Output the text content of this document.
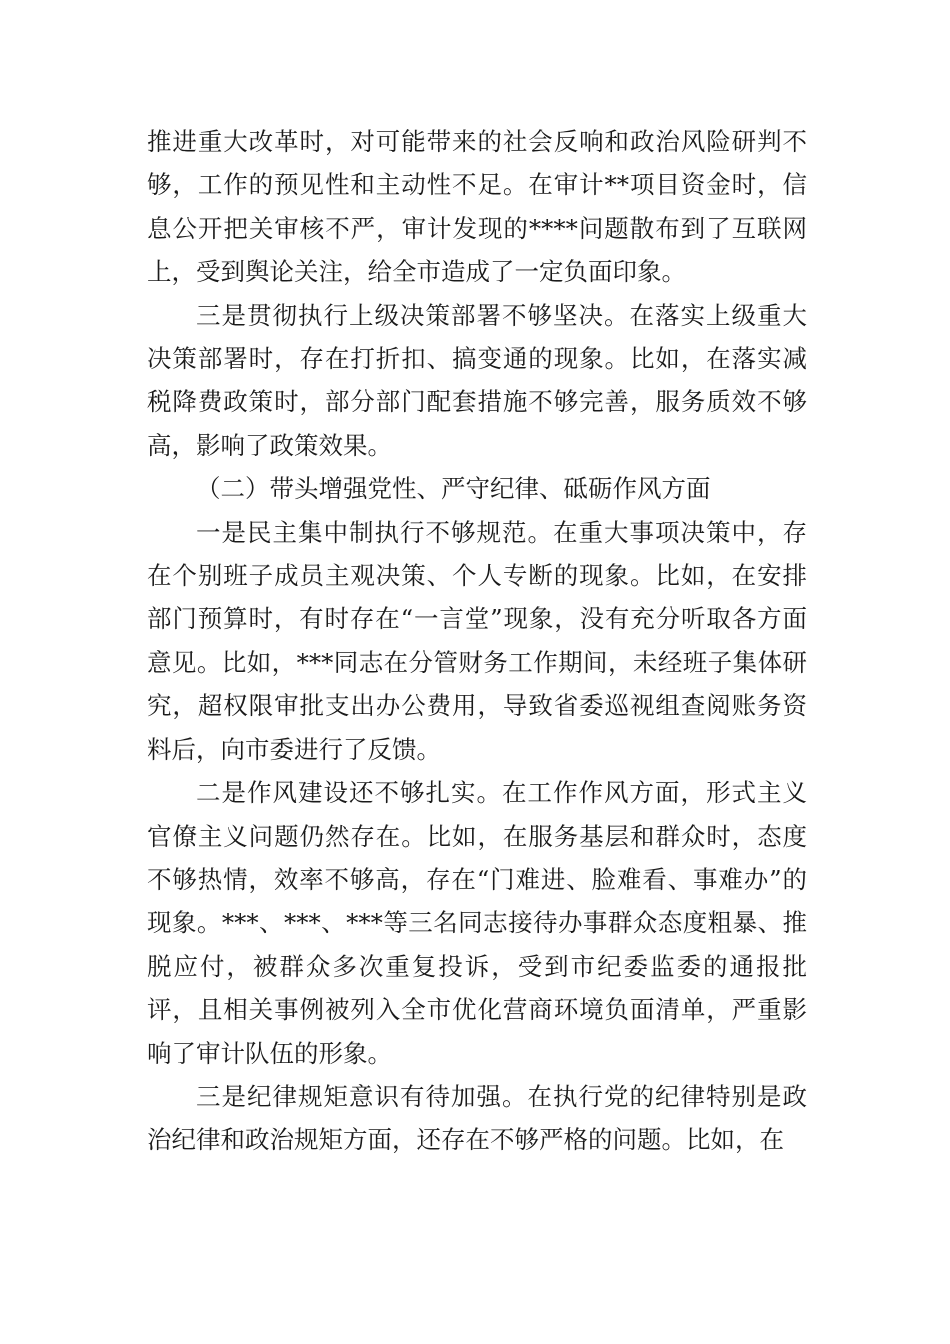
推进重大改革时，对可能带来的社会反响和政治风险研判不够，工作的预见性和主动性不足。在审计**项目资金时，信息公开把关审核不严，审计发现的****问题散布到了互联网上，受到舆论关注，给全市造成了一定负面印象。

三是贯彻执行上级决策部署不够坚决。在落实上级重大决策部署时，存在打折扣、搞变通的现象。比如，在落实减税降费政策时，部分部门配套措施不够完善，服务质效不够高，影响了政策效果。

（二）带头增强党性、严守纪律、砥砺作风方面

一是民主集中制执行不够规范。在重大事项决策中，存在个别班子成员主观决策、个人专断的现象。比如，在安排部门预算时，有时存在“一言堂”现象，没有充分听取各方面意见。比如，***同志在分管财务工作期间，未经班子集体研究，超权限审批支出办公费用，导致省委巡视组查阅账务资料后，向市委进行了反馈。

二是作风建设还不够扎实。在工作作风方面，形式主义官僚主义问题仍然存在。比如，在服务基层和群众时，态度不够热情，效率不够高，存在“门难进、脸难看、事难办”的现象。***、***、***等三名同志接待办事群众态度粗暴、推脱应付，被群众多次重复投诉，受到市纪委监委的通报批评，且相关事例被列入全市优化营商环境负面清单，严重影响了审计队伍的形象。

三是纪律规矩意识有待加强。在执行党的纪律特别是政治纪律和政治规矩方面，还存在不够严格的问题。比如，在
